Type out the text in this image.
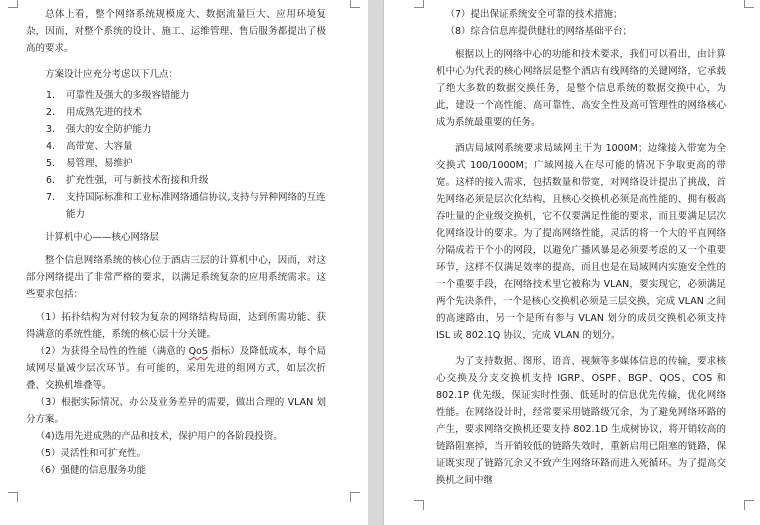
总体上看，整个网络系统规模庞大、数据流量巨大、应用环境复杂，因而，对整个系统的设计、施工、运维管理、售后服务都提出了极高的要求。

方案设计应充分考虑以下几点：

1. 可靠性及强大的多级容错能力
2. 用成熟先进的技术
3. 强大的安全防护能力
4. 高带宽、大容量
5. 易管理，易维护
6. 扩充性强，可与新技术衔接和升级
7. 支持国际标准和工业标准网络通信协议,支持与异种网络的互连能力

计算机中心——核心网络层

整个信息网络系统的核心位于酒店三层的计算机中心，因而，对这部分网络提出了非常严格的要求，以满足系统复杂的应用系统需求。这些要求包括：

（1）拓扑结构为对付较为复杂的网络结构局面，达到所需功能、获得满意的系统性能，系统的核心层十分关键。

（2）为获得全局性的性能（满意的 QoS 指标）及降低成本，每个局域网尽量减少层次环节。有可能的，采用先进的组网方式，如层次折叠、交换机堆叠等。

（3）根据实际情况、办公及业务差异的需要，做出合理的 VLAN 划分方案。

（4)选用先进成熟的产品和技术，保护用户的各阶段投资。

（5）灵活性和可扩充性。

（6）强健的信息服务功能

（7）提出保证系统安全可靠的技术措施；

（8）综合信息库提供健壮的网络基础平台；

根据以上的网络中心的功能和技术要求，我们可以看出，由计算机中心为代表的核心网络层是整个酒店有线网络的关键网络，它承载了绝大多数的数据交换任务，是整个信息系统的数据交换中心，为此，建设一个高性能、高可靠性、高安全性及高可管理性的网络核心成为系统最重要的任务。

酒店局域网系统要求局域网主干为 1000M；边缘接入带宽为全交换式 100/1000M；广域网接入在尽可能的情况下争取更高的带宽。这样的接入需求，包括数量和带宽，对网络设计提出了挑战，首先网络必须是层次化结构，且核心交换机必须是高性能的、拥有极高吞吐量的企业级交换机，它不仅要满足性能的要求，而且要满足层次化网络设计的要求。为了提高网络性能，灵活的将一个大的平直网络分隔成若干个小的网段，以避免广播风暴是必须要考虑的又一个重要环节，这样不仅满足效率的提高，而且也是在局域网内实施安全性的一个重要手段，在网络技术里它被称为 VLAN，要实现它，必须满足两个先决条件，一个是核心交换机必须是三层交换，完成 VLAN 之间的高速路由，另一个是所有参与 VLAN 划分的成员交换机必须支持 ISL 或 802.1Q 协议，完成 VLAN 的划分。

为了支持数据、图形、语音、视频等多媒体信息的传输，要求核心交换及分支交换机支持 IGRP、OSPF、BGP、QOS、COS 和 802.1P 优先级，保证实时性强、低延时的信息优先传输，优化网络性能。在网络设计时，经常要采用链路级冗余，为了避免网络环路的产生，要求网络交换机还要支持 802.1D 生成树协议，将开销较高的链路阻塞掉，当开销较低的链路失效时，重新启用已阻塞的链路，保证既实现了链路冗余又不致产生网络环路而进入死循环。为了提高交换机之间中继
